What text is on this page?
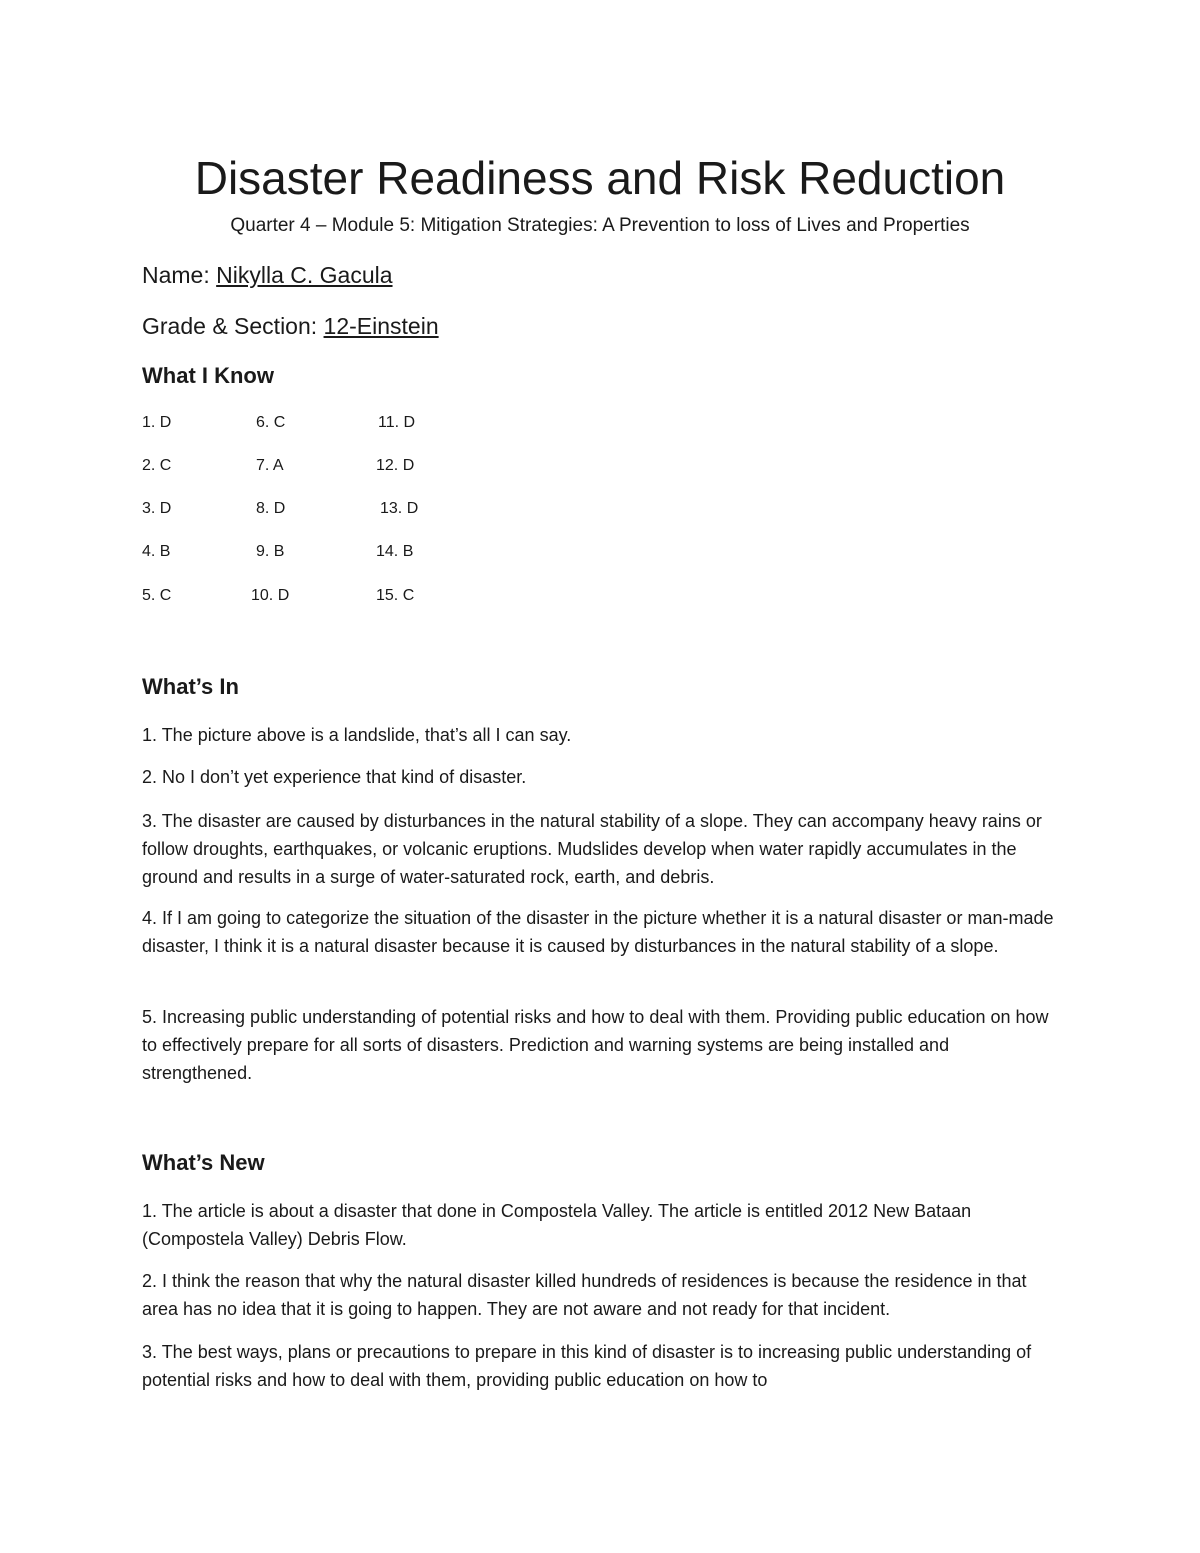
Disaster Readiness and Risk Reduction
Quarter 4 – Module 5: Mitigation Strategies: A Prevention to loss of Lives and Properties
Name: Nikylla C. Gacula
Grade & Section: 12-Einstein
What I Know
1. D
2. C
3. D
4. B
5. C
6. C
7. A
8. D
9. B
10. D
11. D
12. D
13. D
14. B
15. C
What’s In
1. The picture above is a landslide, that’s all I can say.
2. No I don’t yet experience that kind of disaster.
3. The disaster are caused by disturbances in the natural stability of a slope. They can accompany heavy rains or follow droughts, earthquakes, or volcanic eruptions. Mudslides develop when water rapidly accumulates in the ground and results in a surge of water-saturated rock, earth, and debris.
4. If I am going to categorize the situation of the disaster in the picture whether it is a natural disaster or man-made disaster, I think it is a natural disaster because it is caused by disturbances in the natural stability of a slope.
5. Increasing public understanding of potential risks and how to deal with them. Providing public education on how to effectively prepare for all sorts of disasters. Prediction and warning systems are being installed and strengthened.
What’s New
1. The article is about a disaster that done in Compostela Valley. The article is entitled 2012 New Bataan (Compostela Valley) Debris Flow.
2. I think the reason that why the natural disaster killed hundreds of residences is because the residence in that area has no idea that it is going to happen. They are not aware and not ready for that incident.
3. The best ways, plans or precautions to prepare in this kind of disaster is to increasing public understanding of potential risks and how to deal with them, providing public education on how to
